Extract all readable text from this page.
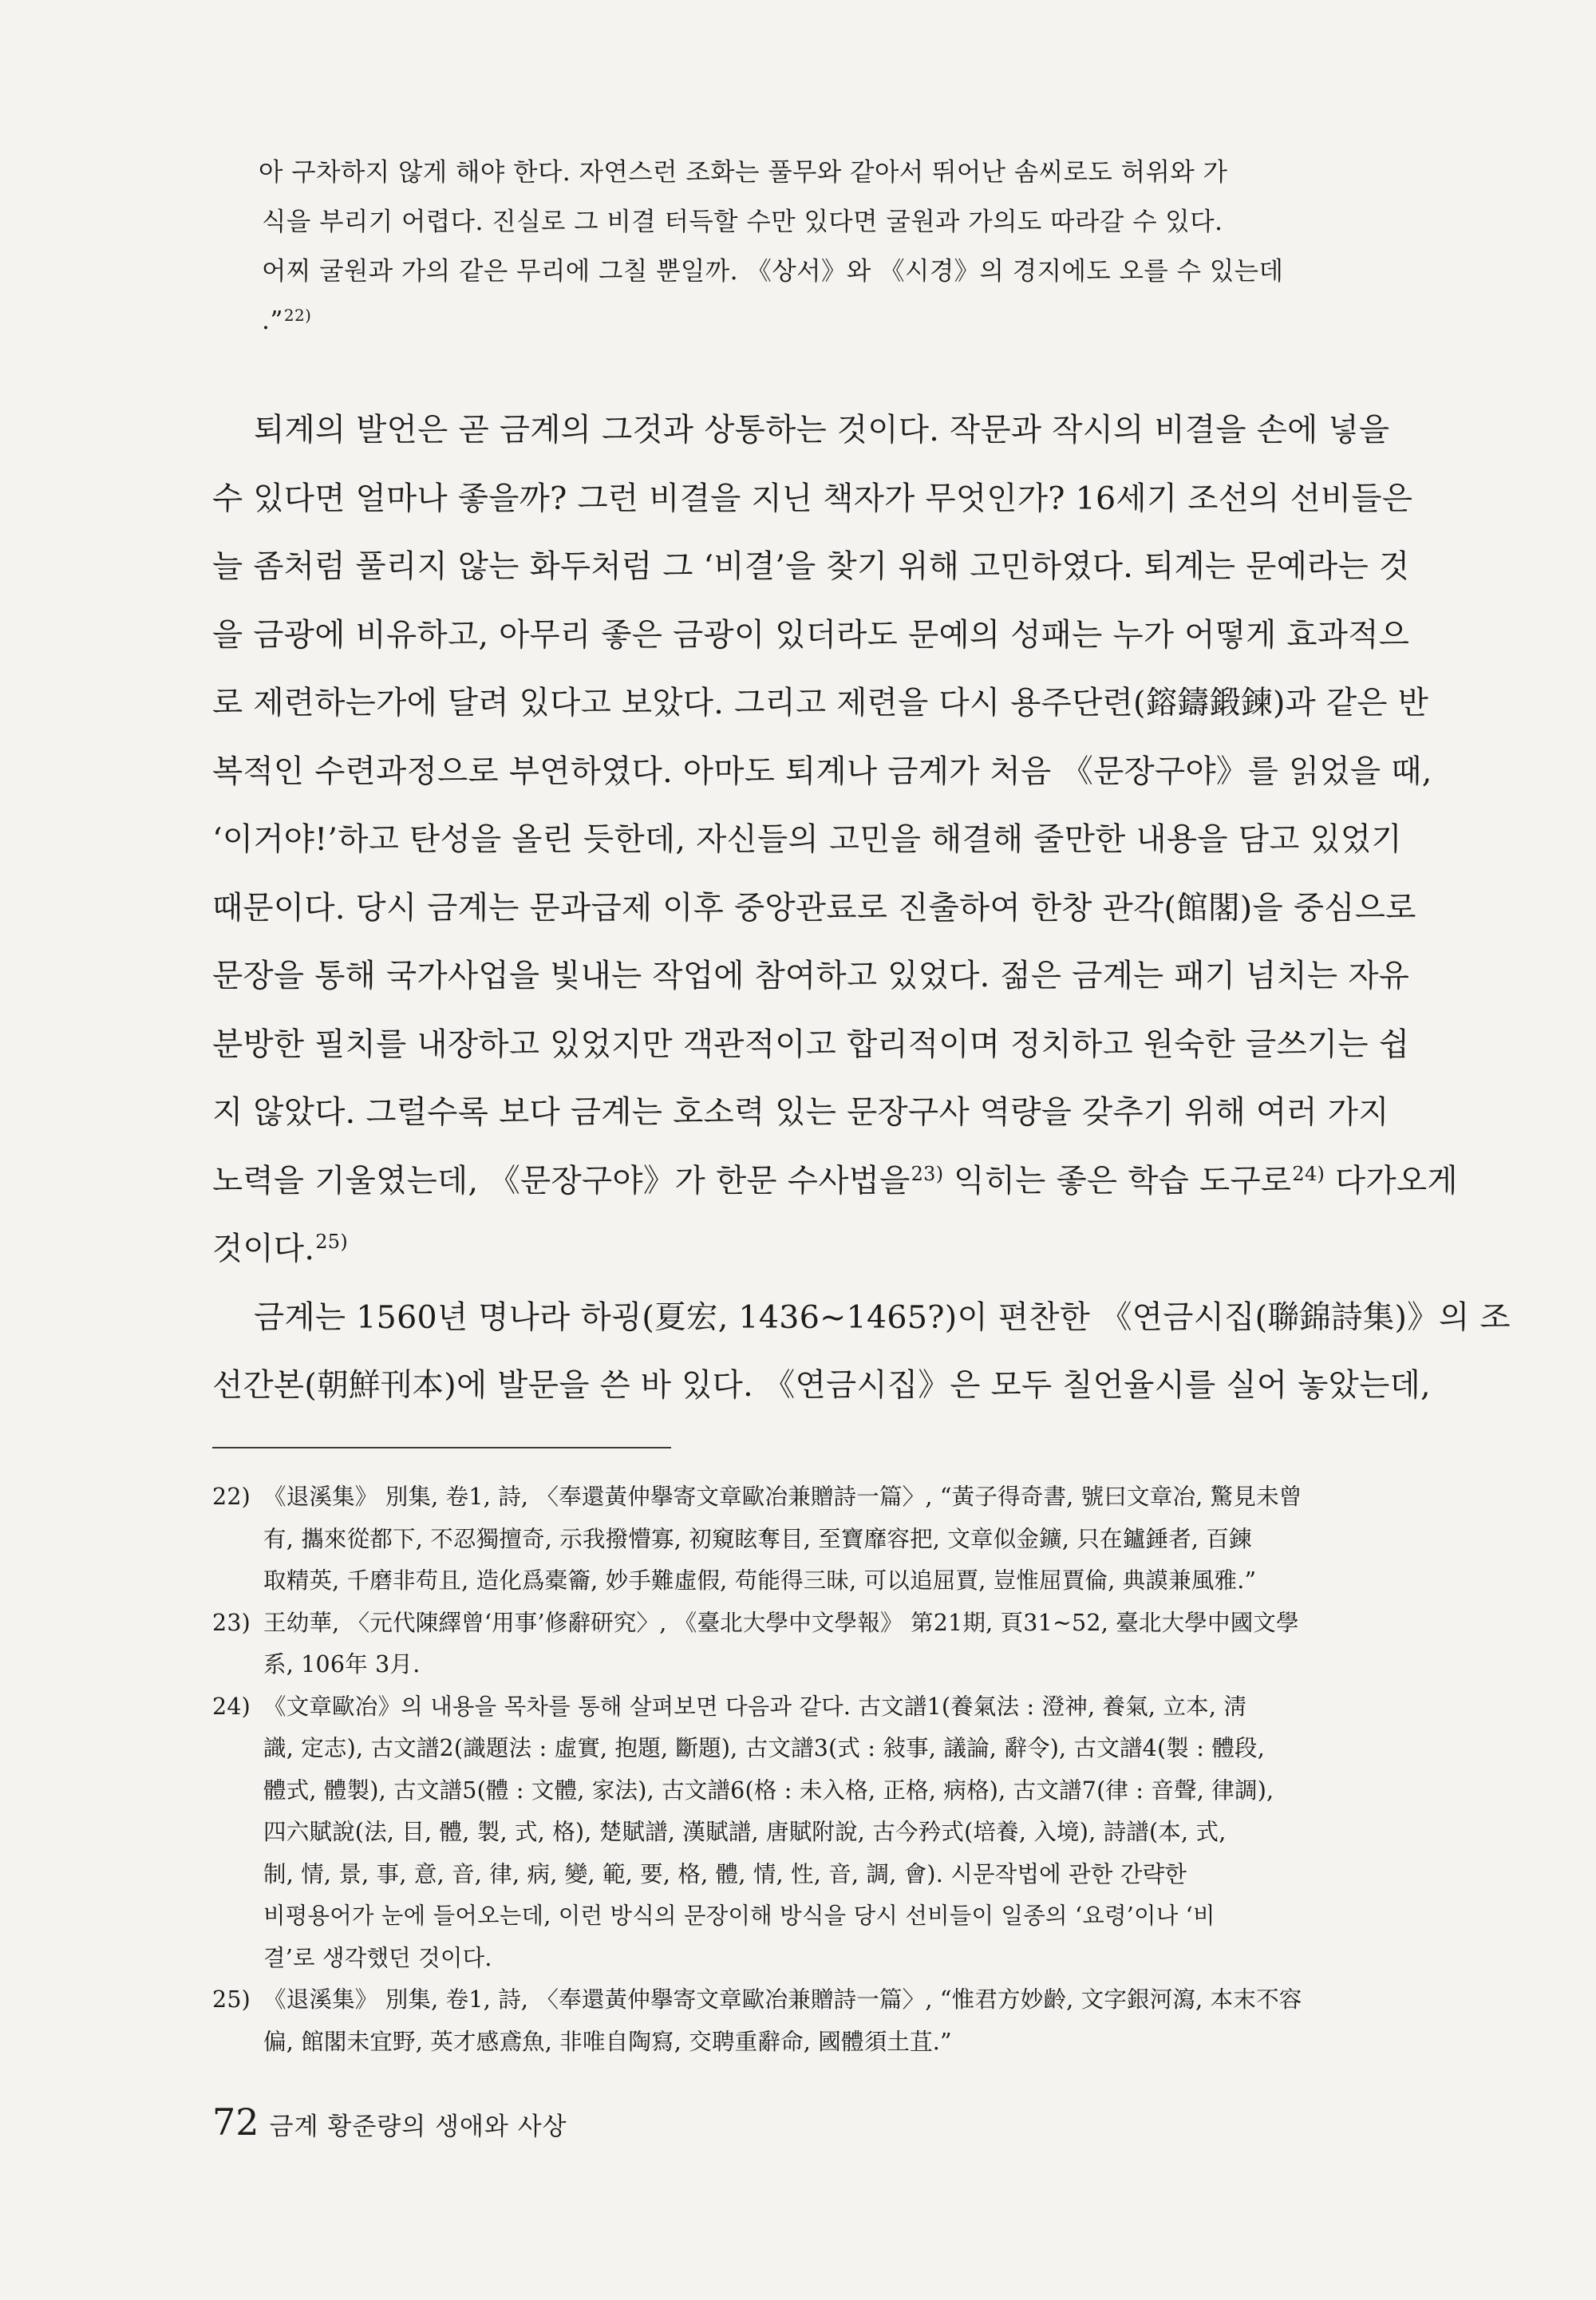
아 구차하지 않게 해야 한다. 자연스런 조화는 풀무와 같아서 뛰어난 솜씨로도 허위와 가
식을 부리기 어렵다. 진실로 그 비결 터득할 수만 있다면 굴원과 가의도 따라갈 수 있다.
어찌 굴원과 가의 같은 무리에 그칠 뿐일까. 《상서》와 《시경》의 경지에도 오를 수 있는데
.”$^{22)}$
퇴계의 발언은 곧 금계의 그것과 상통하는 것이다. 작문과 작시의 비결을 손에 넣을
수 있다면 얼마나 좋을까? 그런 비결을 지닌 책자가 무엇인가? 16세기 조선의 선비들은
늘 좀처럼 풀리지 않는 화두처럼 그 ‘비결’을 찾기 위해 고민하였다. 퇴계는 문예라는 것
을 금광에 비유하고, 아무리 좋은 금광이 있더라도 문예의 성패는 누가 어떻게 효과적으
로 제련하는가에 달려 있다고 보았다. 그리고 제련을 다시 용주단련(鎔鑄鍛鍊)과 같은 반
복적인 수련과정으로 부연하였다. 아마도 퇴계나 금계가 처음 《문장구야》를 읽었을 때,
‘이거야!’하고 탄성을 올린 듯한데, 자신들의 고민을 해결해 줄만한 내용을 담고 있었기
때문이다. 당시 금계는 문과급제 이후 중앙관료로 진출하여 한창 관각(館閣)을 중심으로
문장을 통해 국가사업을 빛내는 작업에 참여하고 있었다. 젊은 금계는 패기 넘치는 자유
분방한 필치를 내장하고 있었지만 객관적이고 합리적이며 정치하고 원숙한 글쓰기는 쉽
지 않았다. 그럴수록 보다 금계는 호소력 있는 문장구사 역량을 갖추기 위해 여러 가지
노력을 기울였는데, 《문장구야》가 한문 수사법을$^{23)}$ 익히는 좋은 학습 도구로$^{24)}$ 다가오게
것이다.$^{25)}$
금계는 1560년 명나라 하굉(夏宏, 1436~1465?)이 편찬한 《연금시집(聯錦詩集)》의 조
선간본(朝鮮刊本)에 발문을 쓴 바 있다. 《연금시집》은 모두 칠언율시를 실어 놓았는데,
22) 《退溪集》 別集, 卷1, 詩, 〈奉還黃仲擧寄文章歐冶兼贈詩一篇〉, “黃子得奇書, 號曰文章冶, 驚見未曾
有, 攜來從都下, 不忍獨擅奇, 示我撥懵寡, 初窺眩奪目, 至寶靡容把, 文章似金鑛, 只在鑪錘者, 百鍊
取精英, 千磨非苟且, 造化爲橐籥, 妙手難虛假, 苟能得三昧, 可以追屈賈, 豈惟屈賈倫, 典謨兼風雅.”
23) 王幼華, 〈元代陳繹曾‘用事’修辭研究〉, 《臺北大學中文學報》 第21期, 頁31~52, 臺北大學中國文學
系, 106年 3月.
24) 《文章歐冶》의 내용을 목차를 통해 살펴보면 다음과 같다. 古文譜1(養氣法 : 澄神, 養氣, 立本, 淸
識, 定志), 古文譜2(識題法 : 虛實, 抱題, 斷題), 古文譜3(式 : 敍事, 議論, 辭令), 古文譜4(製 : 體段,
體式, 體製), 古文譜5(體 : 文體, 家法), 古文譜6(格 : 未入格, 正格, 病格), 古文譜7(律 : 音聲, 律調),
四六賦說(法, 目, 體, 製, 式, 格), 楚賦譜, 漢賦譜, 唐賦附說, 古今矜式(培養, 入境), 詩譜(本, 式,
制, 情, 景, 事, 意, 音, 律, 病, 變, 範, 要, 格, 體, 情, 性, 音, 調, 會). 시문작법에 관한 간략한
비평용어가 눈에 들어오는데, 이런 방식의 문장이해 방식을 당시 선비들이 일종의 ‘요령’이나 ‘비
결’로 생각했던 것이다.
25) 《退溪集》 別集, 卷1, 詩, 〈奉還黃仲擧寄文章歐冶兼贈詩一篇〉, “惟君方妙齡, 文字銀河瀉, 本末不容
偏, 館閣未宜野, 英才感鳶魚, 非唯自陶寫, 交聘重辭命, 國體須土苴.”
72 금계 황준량의 생애와 사상
